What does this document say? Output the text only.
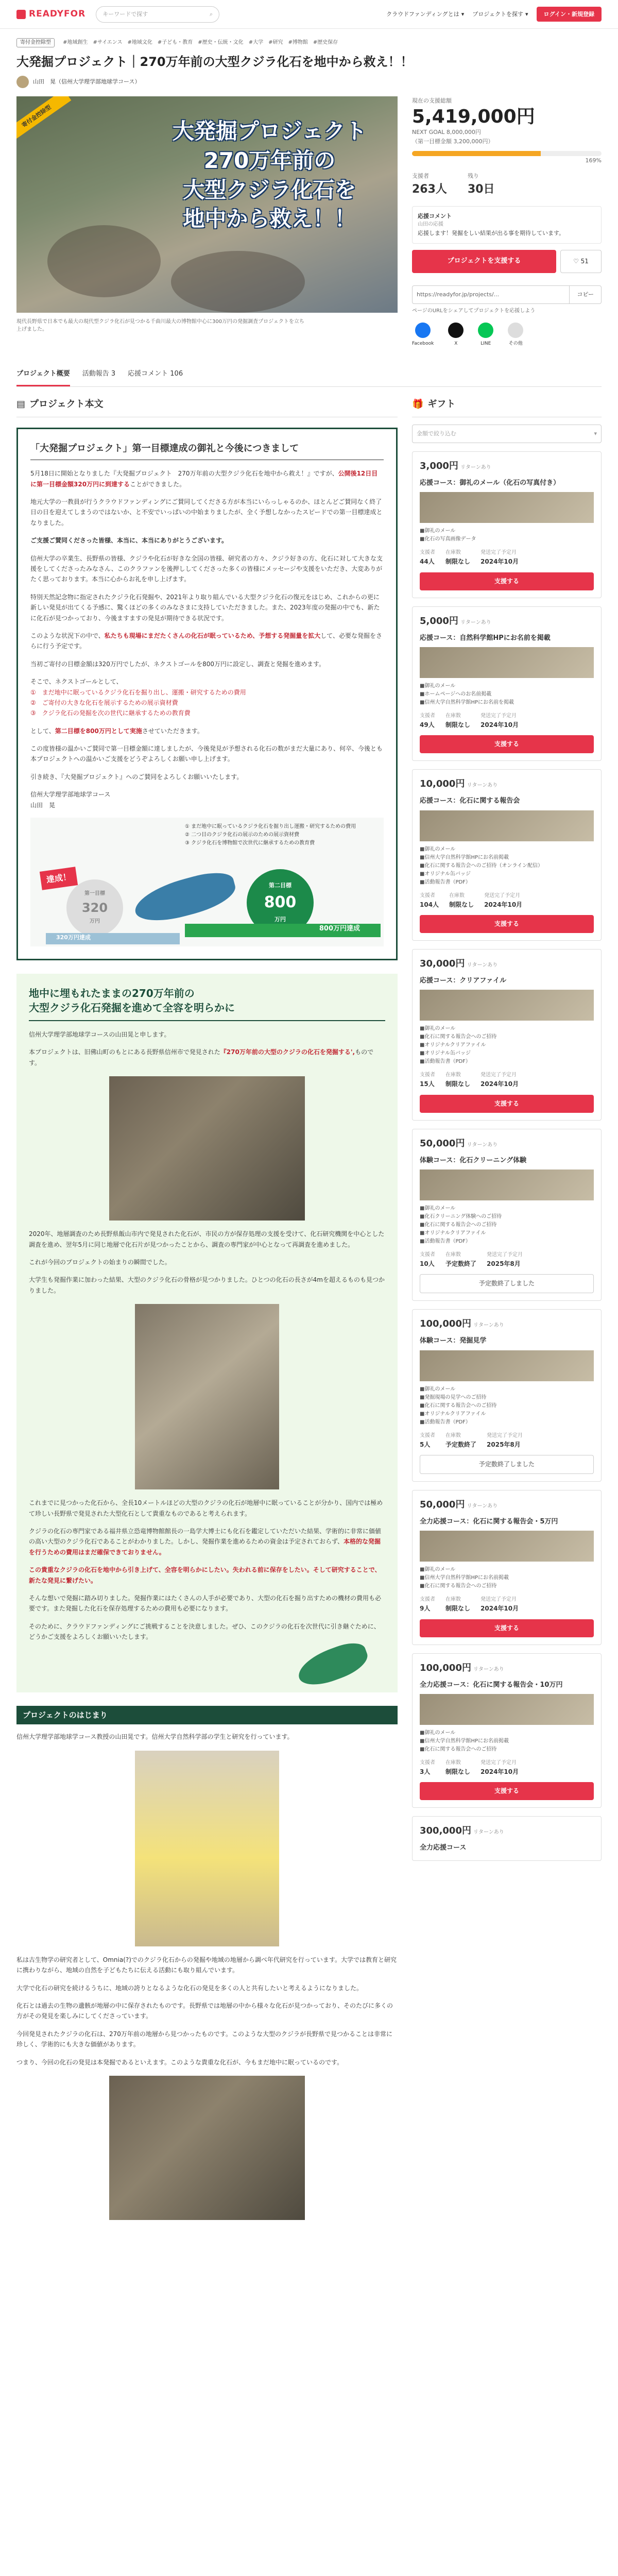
READYFOR	キーワードで探す	⌕	クラウドファンディングとは ▾ プロジェクトを探す ▾	ログイン・新規登録
寄付金控除型 #地域創生 #サイエンス #地域文化 #子ども・教育 #歴史・伝統・文化 #大学 #研究 #博物館 #歴史保存
大発掘プロジェクト｜270万年前の大型クジラ化石を地中から救え！！
山田　晃（信州大学理学部地球学コース）
寄付金控除型
大発掘プロジェクト
270万年前の
大型クジラ化石を
地中から救え！！
現代長野県で日本でも最大の現代型クジラ化石が見つかる千曲川最大の博物館中心に300万円の発掘調査プロジェクトを立ち上げました。
現在の支援総額
5,419,000円
NEXT GOAL 8,000,000円
（第一目標金額 3,200,000円）
169%
支援者
263人
残り
30日
応援コメント
山田の応援
応援します！発掘をしい結果が出る事を期待しています。
プロジェクトを支援する	♡ 51
https://readyfor.jp/projects/...	コピー
ページのURLをシェアしてプロジェクトを応援しよう
Facebook	X	LINE	その他
プロジェクト概要 活動報告 3 応援コメント 106
▤ プロジェクト本文
「大発掘プロジェクト」第一目標達成の御礼と今後につきまして

5月18日に開始となりました『大発掘プロジェクト　270万年前の大型クジラ化石を地中から救え！』ですが、公開後12日目に第一目標金額320万円に到達することができました。

地元大学の一教員が行うクラウドファンディングにご賛同してくださる方が本当にいらっしゃるのか、ほとんどご賛同なく終了日の日を迎えてしまうのではないか、と不安でいっぱいの中始まりましたが、全く予想しなかったスピードでの第一目標達成となりました。

ご支援ご賛同くださった皆様、本当に、本当にありがとうございます。

信州大学の卒業生、長野県の皆様、クジラや化石が好きな全国の皆様、研究者の方々、クジラ好きの方、化石に対して大きな支援をしてくださったみなさん、このクラファンを後押ししてくださった多くの皆様にメッセージや支援をいただき、大変ありがたく思っております。本当に心からお礼を申し上げます。

特別天然記念物に指定されたクジラ化石発掘や、2021年より取り組んでいる大型クジラ化石の復元をはじめ、これからの更に新しい発見が出てくる予感に、驚くほどの多くのみなさまに支持していただきました。また、2023年度の発掘の中でも、新たに化石が見つかっており、今後ますますの発見が期待できる状況です。

このような状況下の中で、私たちも現場にまだたくさんの化石が眠っているため、予想する発掘量を拡大して、必要な発掘をさらに行う予定です。

当初ご寄付の目標金額は320万円でしたが、ネクストゴールを800万円に設定し、調査と発掘を進めます。

そこで、ネクストゴールとして、
①　まだ地中に眠っているクジラ化石を掘り出し、運搬・研究するための費用
②　ご寄付の大きな化石を展示するための展示資材費
③　クジラ化石の発掘を次の世代に継承するための教育費

として、第二目標を800万円として実施させていただきます。

この度皆様の温かいご賛同で第一目標金額に達しましたが、今後発見が予想される化石の数がまだ大量にあり、何卒、今後とも本プロジェクトへの温かいご支援をどうぞよろしくお願い申し上げます。

引き続き、『大発掘プロジェクト』へのご賛同をよろしくお願いいたします。

信州大学理学部地球学コース
山田　晃

① まだ地中に眠っているクジラ化石を掘り出し運搬・研究するための費用
② 二つ目のクジラ化石の展示のための展示資材費
③ クジラ化石を博物館で次世代に継承するための教育費
第一目標
320
万円
達成！
第二目標
800
万円
320万円達成
800万円達成
地中に埋もれたままの270万年前の
大型クジラ化石発掘を進めて全容を明らかに

信州大学理学部地球学コースの山田晃と申します。

本プロジェクトは、旧佛山町のもとにある長野県信州市で発見された『270万年前の大型のクジラの化石を発掘する',ものです。

2020年、地層調査のため長野県飯山市内で発見された化石が、市民の方が保存処理の支援を受けて、化石研究機関を中心とした調査を進め、翌年5月に同じ地層で化石片が見つかったことから、調査の専門家が中心となって再調査を進めました。

これが今回のプロジェクトの始まりの瞬間でした。

大学生も発掘作業に加わった結果、大型のクジラ化石の骨格が見つかりました。ひとつの化石の長さが4mを超えるものも見つかりました。

これまでに見つかった化石から、全長10メートルほどの大型のクジラの化石が地層中に眠っていることが分かり、国内では極めて珍しい長野県で発見された大型化石として貴重なものであると考えられます。

クジラの化石の専門家である福井県立恐竜博物館館長の一島学大博士にも化石を鑑定していただいた結果、学術的に非常に価値の高い大型のクジラ化石であることがわかりました。しかし、発掘作業を進めるための資金は予定されておらず、本格的な発掘を行うための費用はまだ確保できておりません。

この貴重なクジラの化石を地中から引き上げて、全容を明らかにしたい。失われる前に保存をしたい。そして研究することで、新たな発見に繋げたい。

そんな想いで発掘に踏み切りました。発掘作業にはたくさんの人手が必要であり、大型の化石を掘り出すための機材の費用も必要です。また発掘した化石を保存処理するための費用も必要になります。

そのために、クラウドファンディングにご挑戦することを決意しました。ぜひ、このクジラの化石を次世代に引き継ぐために、どうかご支援をよろしくお願いいたします。

プロジェクトのはじまり

信州大学理学部地球学コース教授の山田晃です。信州大学自然科学部の学生と研究を行っています。

私は古生物学の研究者として、Omnia(?)でのクジラ化石からの発掘や地域の地層から調べ年代研究を行っています。大学では教育と研究に携わりながら、地域の自然を子どもたちに伝える活動にも取り組んでいます。

大学で化石の研究を続けるうちに、地域の誇りとなるような化石の発見を多くの人と共有したいと考えるようになりました。

化石とは過去の生物の遺骸が地層の中に保存されたものです。長野県では地層の中から様々な化石が見つかっており、そのたびに多くの方がその発見を楽しみにしてくださっています。

今回発見されたクジラの化石は、270万年前の地層から見つかったものです。このような大型のクジラが長野県で見つかることは非常に珍しく、学術的にも大きな価値があります。

つまり、今回の化石の発見は本発掘であるといえます。このような貴重な化石が、今もまだ地中に眠っているのです。

🎁 ギフト
金額で絞り込む	▾
3,000円 リターンあり
応援コース：御礼のメール（化石の写真付き）
■御礼のメール
■化石の写真画像データ
支援者
44人
在庫数
制限なし
発送完了予定月
2024年10月
支援する
5,000円 リターンあり
応援コース：自然科学館HPにお名前を掲載
■御礼のメール
■ホームページへのお名前掲載
■信州大学自然科学館HPにお名前を掲載
支援者
49人
在庫数
制限なし
発送完了予定月
2024年10月
支援する
10,000円 リターンあり
応援コース：化石に関する報告会
■御礼のメール
■信州大学自然科学館HPにお名前掲載
■化石に関する報告会へのご招待（オンライン配信）
■オリジナル缶バッジ
■活動報告書（PDF）
支援者
104人
在庫数
制限なし
発送完了予定月
2024年10月
支援する
30,000円 リターンあり
応援コース：クリアファイル
■御礼のメール
■化石に関する報告会へのご招待
■オリジナルクリアファイル
■オリジナル缶バッジ
■活動報告書（PDF）
支援者
15人
在庫数
制限なし
発送完了予定月
2024年10月
支援する
50,000円 リターンあり
体験コース：化石クリーニング体験
■御礼のメール
■化石クリーニング体験へのご招待
■化石に関する報告会へのご招待
■オリジナルクリアファイル
■活動報告書（PDF）
支援者
10人
在庫数
予定数終了
発送完了予定月
2025年8月
予定数終了しました
100,000円 リターンあり
体験コース：発掘見学
■御礼のメール
■発掘現場の見学へのご招待
■化石に関する報告会へのご招待
■オリジナルクリアファイル
■活動報告書（PDF）
支援者
5人
在庫数
予定数終了
発送完了予定月
2025年8月
予定数終了しました
50,000円 リターンあり
全力応援コース：化石に関する報告会・5万円
■御礼のメール
■信州大学自然科学館HPにお名前掲載
■化石に関する報告会へのご招待
支援者
9人
在庫数
制限なし
発送完了予定月
2024年10月
支援する
100,000円 リターンあり
全力応援コース：化石に関する報告会・10万円
■御礼のメール
■信州大学自然科学館HPにお名前掲載
■化石に関する報告会へのご招待
支援者
3人
在庫数
制限なし
発送完了予定月
2024年10月
支援する
300,000円 リターンあり
全力応援コース
